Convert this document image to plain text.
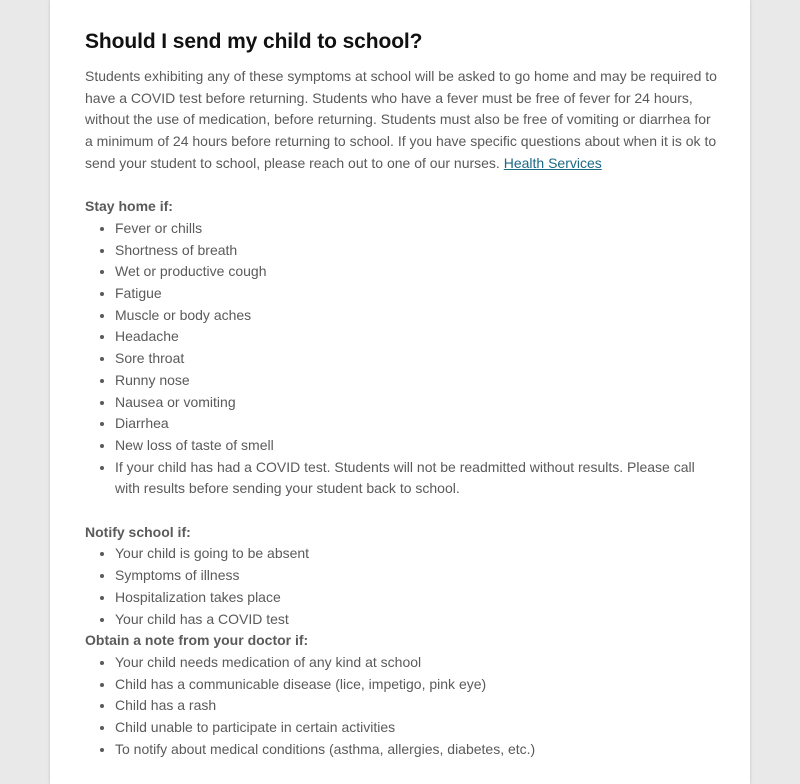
Should I send my child to school?

Students exhibiting any of these symptoms at school will be asked to go home and may be required to have a COVID test before returning. Students who have a fever must be free of fever for 24 hours, without the use of medication, before returning. Students must also be free of vomiting or diarrhea for a minimum of 24 hours before returning to school. If you have specific questions about when it is ok to send your student to school, please reach out to one of our nurses. Health Services

Stay home if:

• Fever or chills
• Shortness of breath
• Wet or productive cough
• Fatigue
• Muscle or body aches
• Headache
• Sore throat
• Runny nose
• Nausea or vomiting
• Diarrhea
• New loss of taste of smell
• If your child has had a COVID test. Students will not be readmitted without results. Please call with results before sending your student back to school.

Notify school if:

• Your child is going to be absent
• Symptoms of illness
• Hospitalization takes place
• Your child has a COVID test

Obtain a note from your doctor if:

• Your child needs medication of any kind at school
• Child has a communicable disease (lice, impetigo, pink eye)
• Child has a rash
• Child unable to participate in certain activities
• To notify about medical conditions (asthma, allergies, diabetes, etc.)
